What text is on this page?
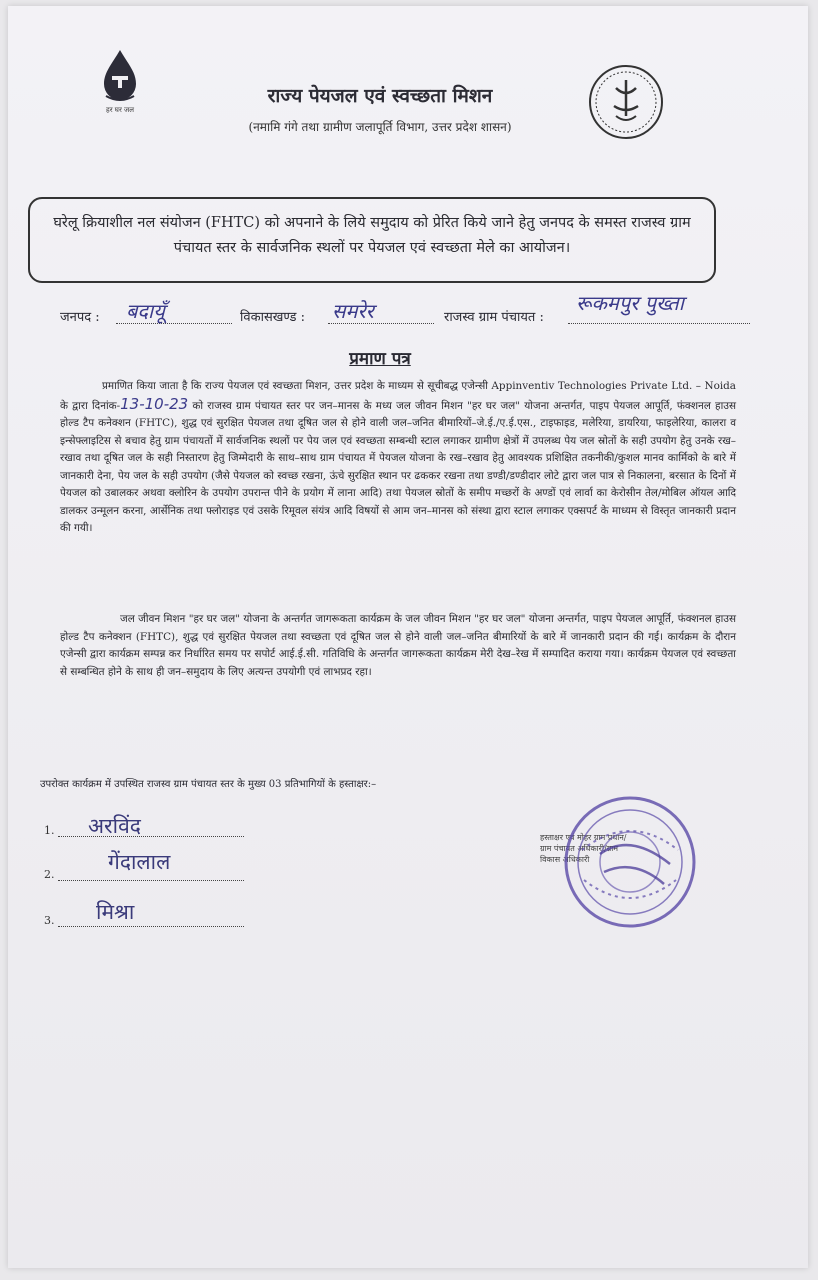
हर घर जल
राज्य पेयजल एवं स्वच्छता मिशन
(नमामि गंगे तथा ग्रामीण जलापूर्ति विभाग, उत्तर प्रदेश शासन)
घरेलू क्रियाशील नल संयोजन (FHTC) को अपनाने के लिये समुदाय को प्रेरित किये जाने हेतु जनपद के समस्त राजस्व ग्राम पंचायत स्तर के सार्वजनिक स्थलों पर पेयजल एवं स्वच्छता मेले का आयोजन।
जनपद : बदायूँ	विकासखण्ड : समरेर	राजस्व ग्राम पंचायत :
रूकमपुर पुख्ता
प्रमाण पत्र
प्रमाणित किया जाता है कि राज्य पेयजल एवं स्वच्छता मिशन, उत्तर प्रदेश के माध्यम से सूचीबद्ध एजेन्सी Appinventiv Technologies Private Ltd. – Noida के द्वारा दिनांक-13-10-23 को राजस्व ग्राम पंचायत स्तर पर जन–मानस के मध्य जल जीवन मिशन "हर घर जल" योजना अन्तर्गत, पाइप पेयजल आपूर्ति, फंक्शनल हाउस होल्ड टैप कनेक्शन (FHTC), शुद्ध एवं सुरक्षित पेयजल तथा दूषित जल से होने वाली जल–जनित बीमारियों–जे.ई./ए.ई.एस., टाइफाइड, मलेरिया, डायरिया, फाइलेरिया, कालरा व इन्सेफ्लाइटिस से बचाव हेतु ग्राम पंचायतों में सार्वजनिक स्थलों पर पेय जल एवं स्वच्छता सम्बन्धी स्टाल लगाकर ग्रामीण क्षेत्रों में उपलब्ध पेय जल स्रोतों के सही उपयोग हेतु उनके रख–रखाव तथा दूषित जल के सही निस्तारण हेतु जिम्मेदारी के साथ–साथ ग्राम पंचायत में पेयजल योजना के रख–रखाव हेतु आवश्यक प्रशिक्षित तकनीकी/कुशल मानव कार्मिको के बारे में जानकारी देना, पेय जल के सही उपयोग (जैसे पेयजल को स्वच्छ रखना, ऊंचे सुरक्षित स्थान पर ढककर रखना तथा डण्डी/डण्डीदार लोटे द्वारा जल पात्र से निकालना, बरसात के दिनों में पेयजल को उबालकर अथवा क्लोरिन के उपयोग उपरान्त पीने के प्रयोग में लाना आदि) तथा पेयजल स्रोतों के समीप मच्छरों के अण्डों एवं लार्वा का केरोसीन तेल/मोबिल ऑयल आदि डालकर उन्मूलन करना, आर्सेनिक तथा फ्लोराइड एवं उसके रिमूवल संयंत्र आदि विषयों से आम जन–मानस को संस्था द्वारा स्टाल लगाकर एक्सपर्ट के माध्यम से विस्तृत जानकारी प्रदान की गयी।
जल जीवन मिशन "हर घर जल" योजना के अन्तर्गत जागरूकता कार्यक्रम के जल जीवन मिशन "हर घर जल" योजना अन्तर्गत, पाइप पेयजल आपूर्ति, फंक्शनल हाउस होल्ड टैप कनेक्शन (FHTC), शुद्ध एवं सुरक्षित पेयजल तथा स्वच्छता एवं दूषित जल से होने वाली जल–जनित बीमारियों के बारे में जानकारी प्रदान की गई। कार्यक्रम के दौरान एजेन्सी द्वारा कार्यक्रम सम्पन्न कर निर्धारित समय पर सपोर्ट आई.ई.सी. गतिविधि के अन्तर्गत जागरूकता कार्यक्रम मेरी देख–रेख में सम्पादित कराया गया। कार्यक्रम पेयजल एवं स्वच्छता से सम्बन्धित होने के साथ ही जन–समुदाय के लिए अत्यन्त उपयोगी एवं लाभप्रद रहा।
उपरोक्त कार्यक्रम में उपस्थित राजस्व ग्राम पंचायत स्तर के मुख्य 03 प्रतिभागियों के हस्ताक्षर:–
1. अरविंद
2.
गेंदालाल
3. मिश्रा
हस्ताक्षर एवं मोहर ग्राम प्रधान/ग्राम पंचायत अधिकारी/ग्राम विकास अधिकारी
